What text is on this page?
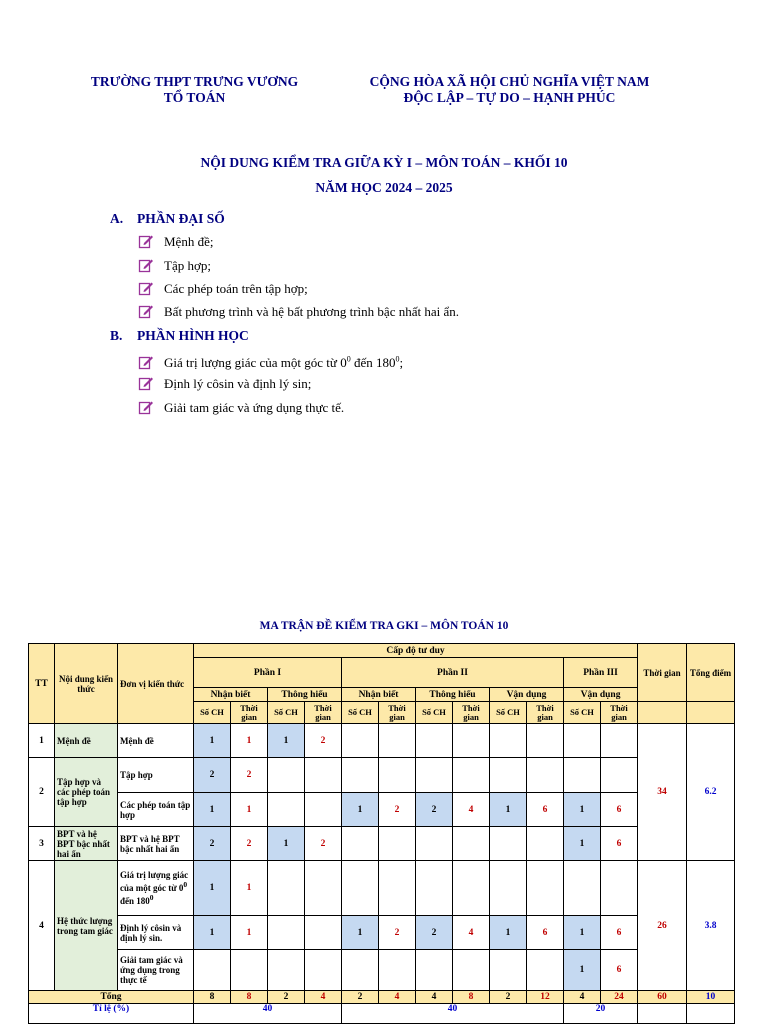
TRƯỜNG THPT TRƯNG VƯƠNG
TỔ TOÁN
CỘNG HÒA XÃ HỘI CHỦ NGHĨA VIỆT NAM
ĐỘC LẬP – TỰ DO – HẠNH PHÚC
NỘI DUNG KIỂM TRA GIỮA KỲ I – MÔN TOÁN – KHỐI 10
NĂM HỌC 2024 – 2025
A. PHẦN ĐẠI SỐ
Mệnh đề;
Tập hợp;
Các phép toán trên tập hợp;
Bất phương trình và hệ bất phương trình bậc nhất hai ẩn.
B. PHẦN HÌNH HỌC
Giá trị lượng giác của một góc từ $0^0$ đến $180^0$;
Định lý côsin và định lý sin;
Giải tam giác và ứng dụng thực tế.
MA TRẬN ĐỀ KIỂM TRA GKI – MÔN TOÁN 10
TT	Nội dung kiến thức	Đơn vị kiến thức	Cấp độ tư duy												Thời gian	Tổng điểm
			Phần I				Phần II						Phần III			
			Nhận biết		Thông hiểu		Nhận biết		Thông hiểu		Vận dụng		Vận dụng			
			Số CH	Thời gian	Số CH	Thời gian	Số CH	Thời gian	Số CH	Thời gian	Số CH	Thời gian	Số CH	Thời gian		
1	Mệnh đề	Mệnh đề	1	1	1	2									34	6.2
2	Tập hợp và các phép toán tập hợp	Tập hợp	2	2												
		Các phép toán tập hợp	1	1			1	2	2	4	1	6	1	6		
3	BPT và hệ BPT bậc nhất hai ẩn	BPT và hệ BPT bậc nhất hai ẩn	2	2	1	2							1	6		
4	Hệ thức lượng trong tam giác	Giá trị lượng giác của một góc từ $0^0$ đến $180^0$	1	1											26	3.8
		Định lý côsin và định lý sin.	1	1			1	2	2	4	1	6	1	6		
		Giải tam giác và ứng dụng trong thực tế											1	6		
Tổng			8	8	2	4	2	4	4	8	2	12	4	24	60	10
Tỉ lệ (%)			40				40						20			
